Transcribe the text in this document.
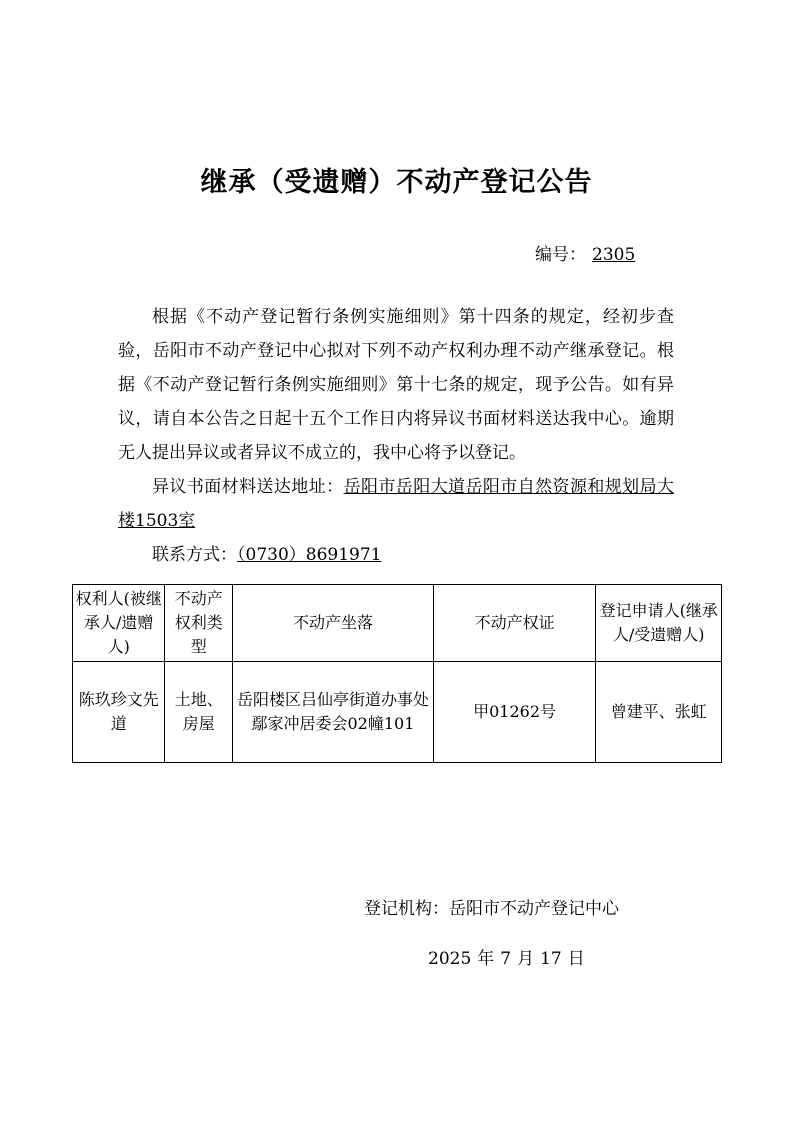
继承（受遗赠）不动产登记公告
编号： 2305
根据《不动产登记暂行条例实施细则》第十四条的规定，经初步查验，岳阳市不动产登记中心拟对下列不动产权利办理不动产继承登记。根据《不动产登记暂行条例实施细则》第十七条的规定，现予公告。如有异议，请自本公告之日起十五个工作日内将异议书面材料送达我中心。逾期无人提出异议或者异议不成立的，我中心将予以登记。
异议书面材料送达地址：岳阳市岳阳大道岳阳市自然资源和规划局大楼1503室
联系方式：（0730）8691971
权利人(被继承人/遗赠人)	不动产权利类型	不动产坐落	不动产权证	登记申请人(继承人/受遗赠人)
陈玖珍文先道	土地、房屋	岳阳楼区吕仙亭街道办事处鄢家冲居委会02幢101	甲01262号	曾建平、张虹
登记机构：岳阳市不动产登记中心
2025 年 7 月 17 日
